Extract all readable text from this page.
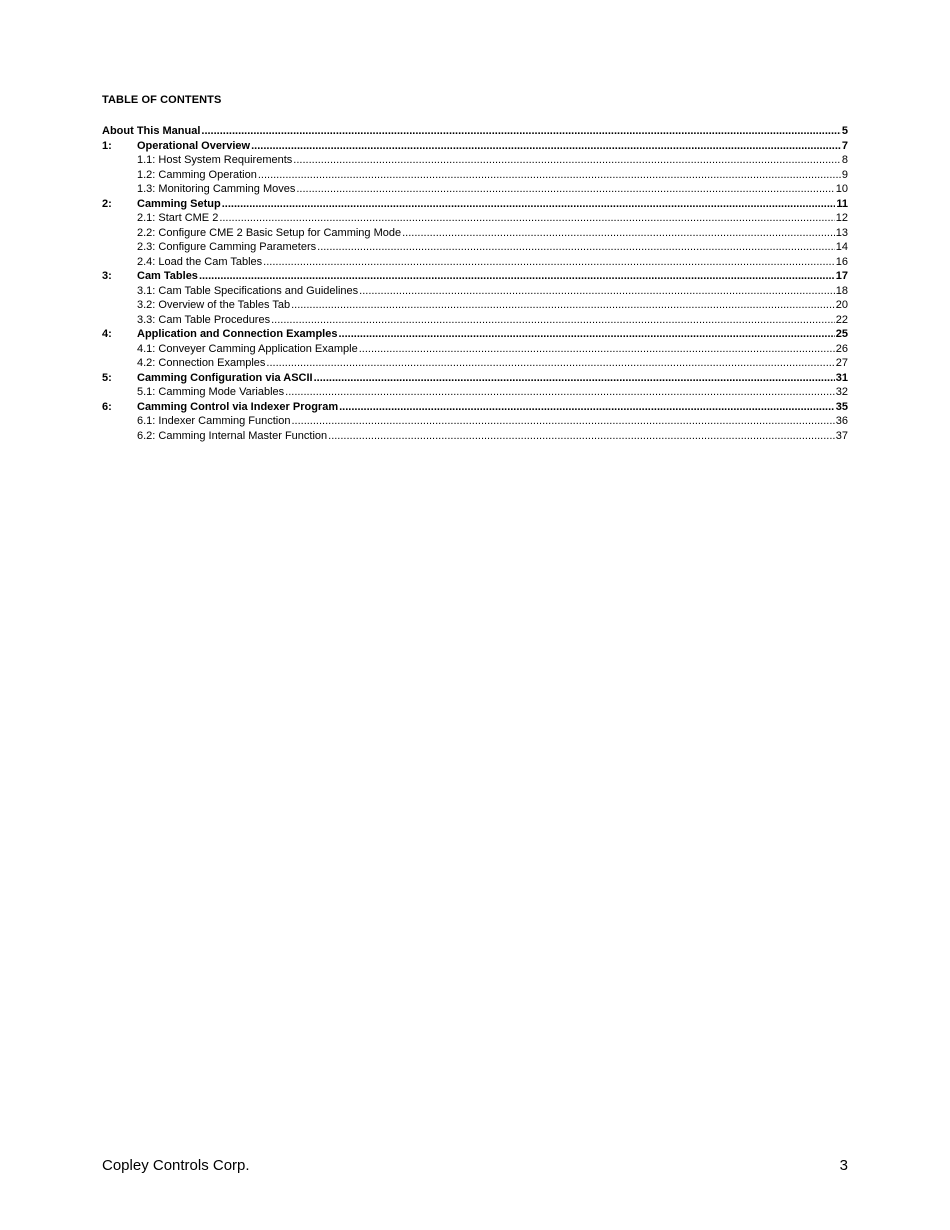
TABLE OF CONTENTS
About This Manual .....	5
1:	Operational Overview .....	7
1.1: Host System Requirements .....	8
1.2: Camming Operation .....	9
1.3: Monitoring Camming Moves .....	10
2:	Camming Setup .....	11
2.1: Start CME 2 .....	12
2.2: Configure CME 2 Basic Setup for Camming Mode .....	13
2.3: Configure Camming Parameters .....	14
2.4: Load the Cam Tables .....	16
3:	Cam Tables .....	17
3.1: Cam Table Specifications and Guidelines .....	18
3.2: Overview of the Tables Tab .....	20
3.3: Cam Table Procedures .....	22
4:	Application and Connection Examples .....	25
4.1: Conveyer Camming Application Example .....	26
4.2: Connection Examples .....	27
5:	Camming Configuration via ASCII .....	31
5.1: Camming Mode Variables .....	32
6:	Camming Control via Indexer Program .....	35
6.1: Indexer Camming Function .....	36
6.2: Camming Internal Master Function .....	37
Copley Controls Corp.	3
